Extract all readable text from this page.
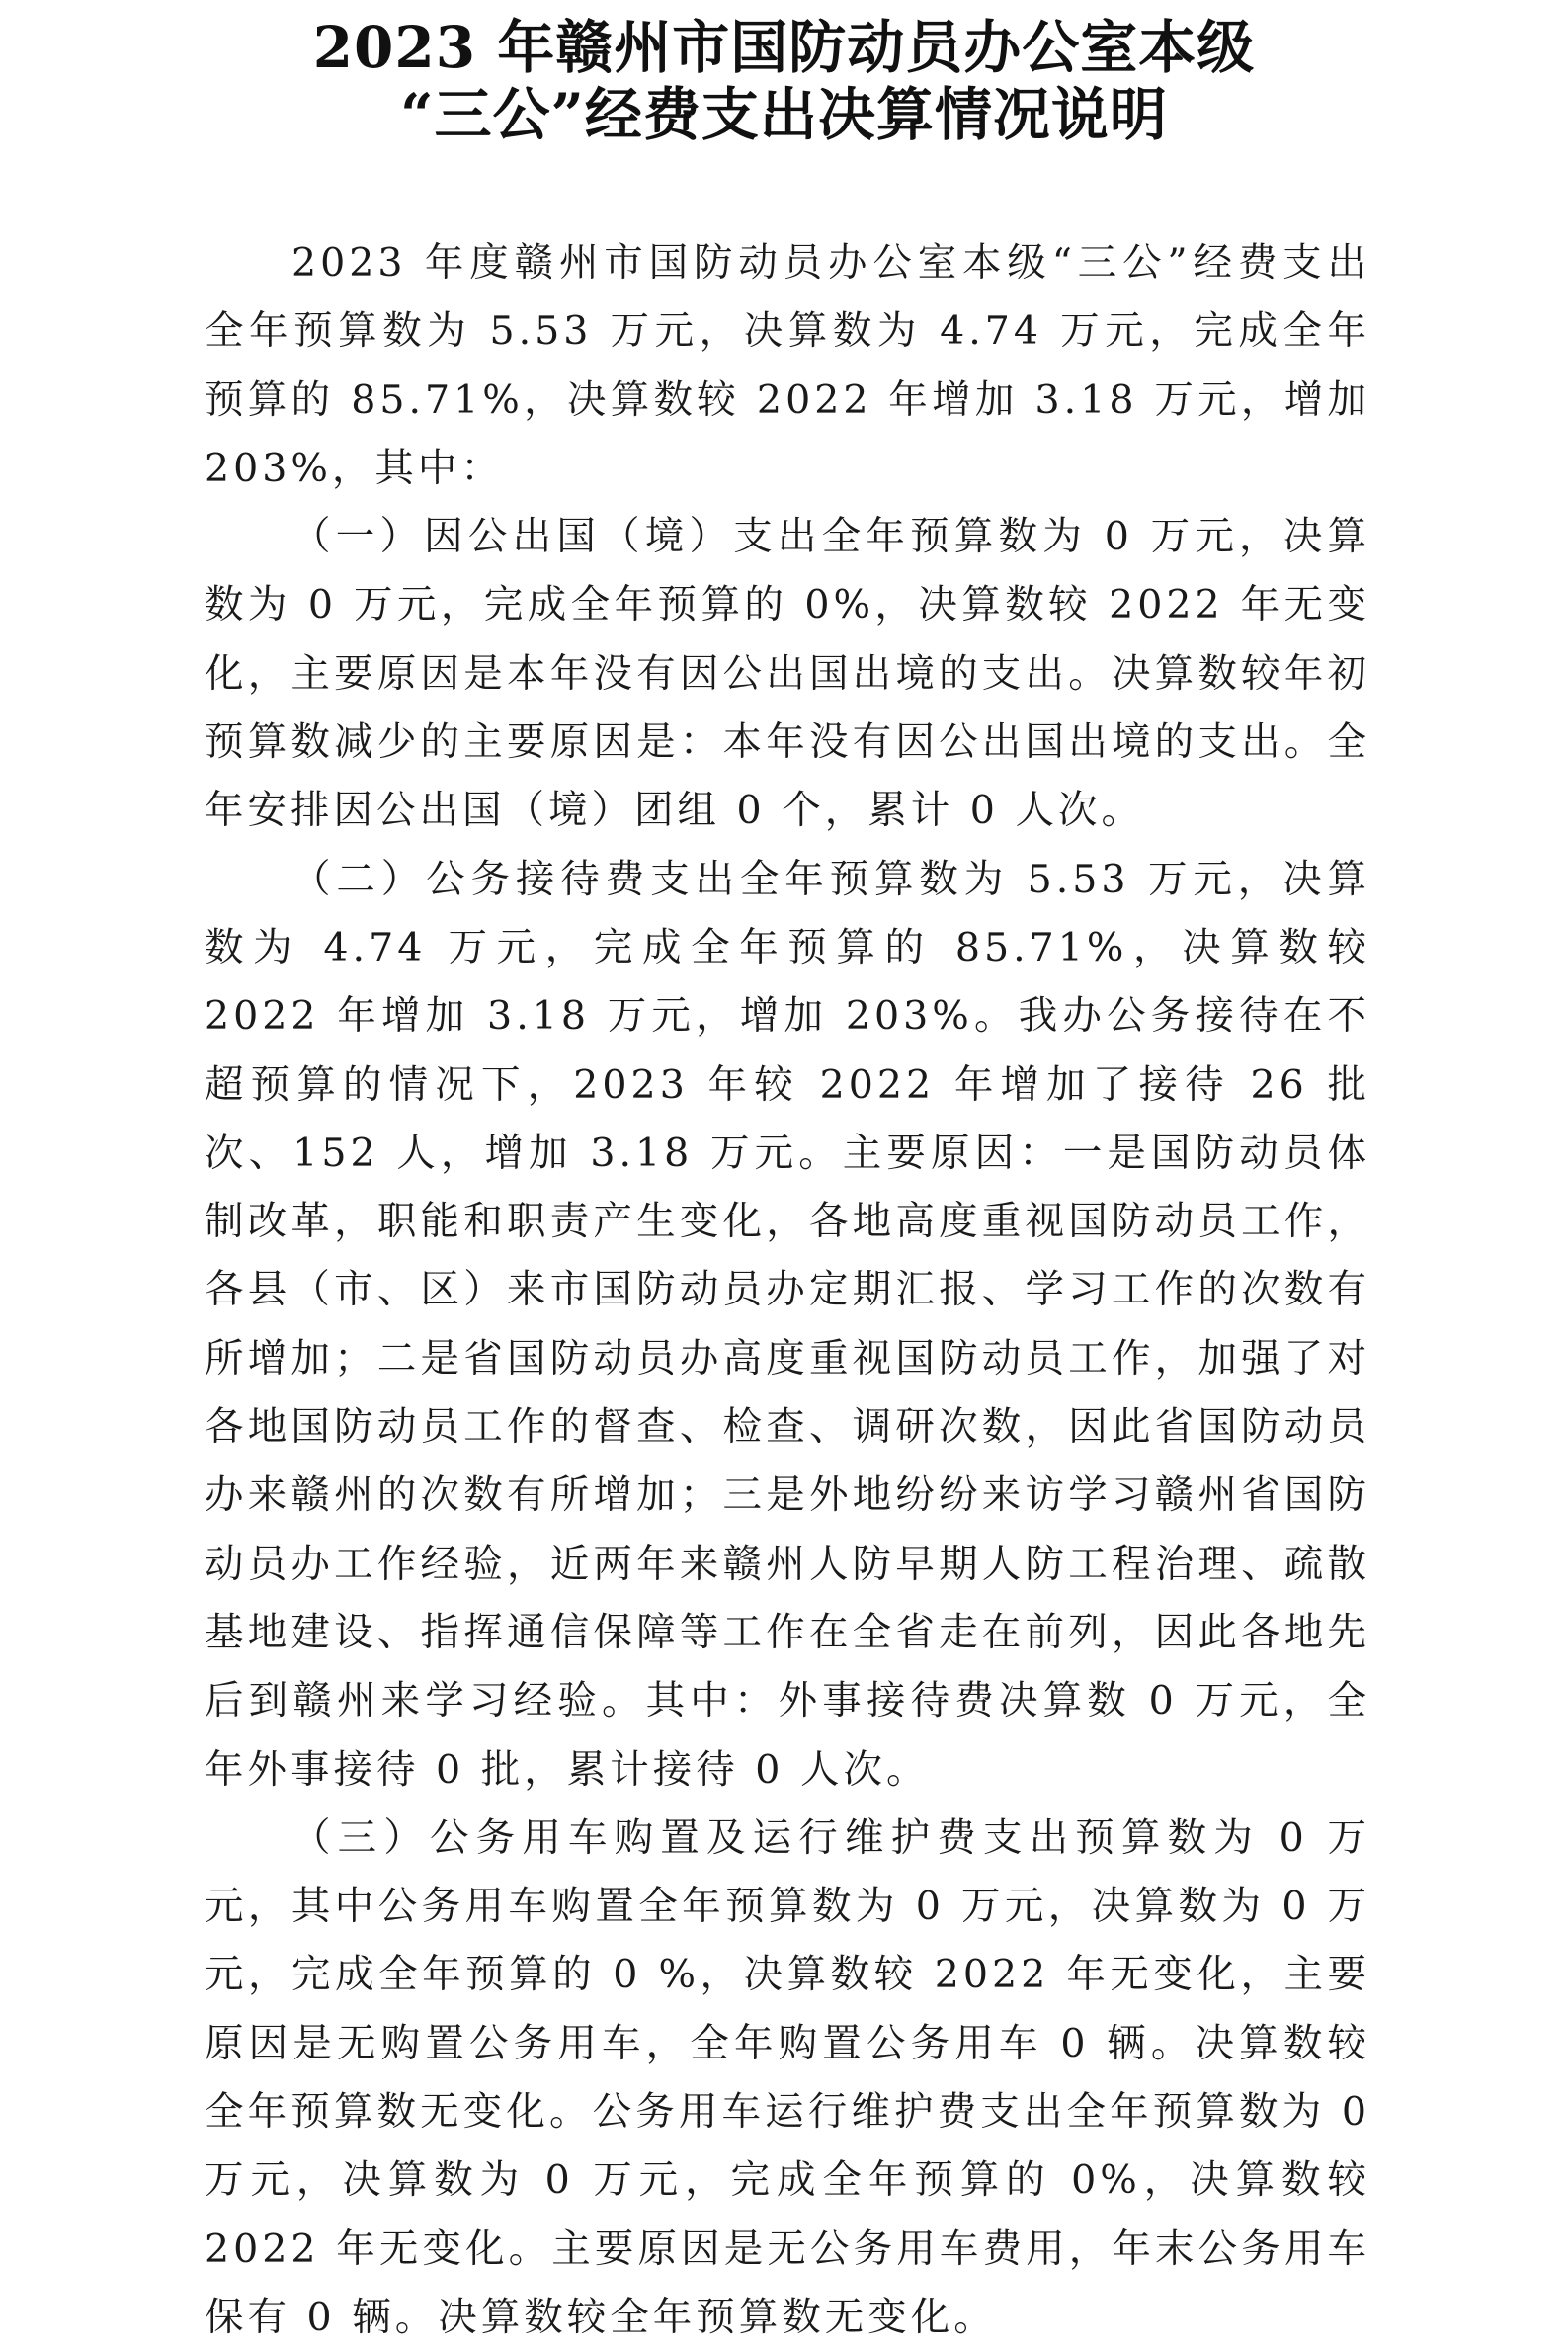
2023 年赣州市国防动员办公室本级
“三公”经费支出决算情况说明

2023 年度赣州市国防动员办公室本级“三公”经费支出全年预算数为 5.53 万元，决算数为 4.74 万元，完成全年预算的 85.71%，决算数较 2022 年增加 3.18 万元，增加 203%，其中：

（一）因公出国（境）支出全年预算数为 0 万元，决算数为 0 万元，完成全年预算的 0%，决算数较 2022 年无变化，主要原因是本年没有因公出国出境的支出。决算数较年初预算数减少的主要原因是：本年没有因公出国出境的支出。全年安排因公出国（境）团组 0 个，累计 0 人次。

（二）公务接待费支出全年预算数为 5.53 万元，决算数为 4.74 万元，完成全年预算的 85.71%，决算数较 2022 年增加 3.18 万元，增加 203%。我办公务接待在不超预算的情况下，2023 年较 2022 年增加了接待 26 批次、152 人，增加 3.18 万元。主要原因：一是国防动员体制改革，职能和职责产生变化，各地高度重视国防动员工作，各县（市、区）来市国防动员办定期汇报、学习工作的次数有所增加；二是省国防动员办高度重视国防动员工作，加强了对各地国防动员工作的督查、检查、调研次数，因此省国防动员办来赣州的次数有所增加；三是外地纷纷来访学习赣州省国防动员办工作经验，近两年来赣州人防早期人防工程治理、疏散基地建设、指挥通信保障等工作在全省走在前列，因此各地先后到赣州来学习经验。其中：外事接待费决算数 0 万元，全年外事接待 0 批，累计接待 0 人次。

（三）公务用车购置及运行维护费支出预算数为 0 万元，其中公务用车购置全年预算数为 0 万元，决算数为 0 万元，完成全年预算的 0 %，决算数较 2022 年无变化，主要原因是无购置公务用车，全年购置公务用车 0 辆。决算数较全年预算数无变化。公务用车运行维护费支出全年预算数为 0 万元，决算数为 0 万元，完成全年预算的 0%，决算数较 2022 年无变化。主要原因是无公务用车费用，年末公务用车保有 0 辆。决算数较全年预算数无变化。
